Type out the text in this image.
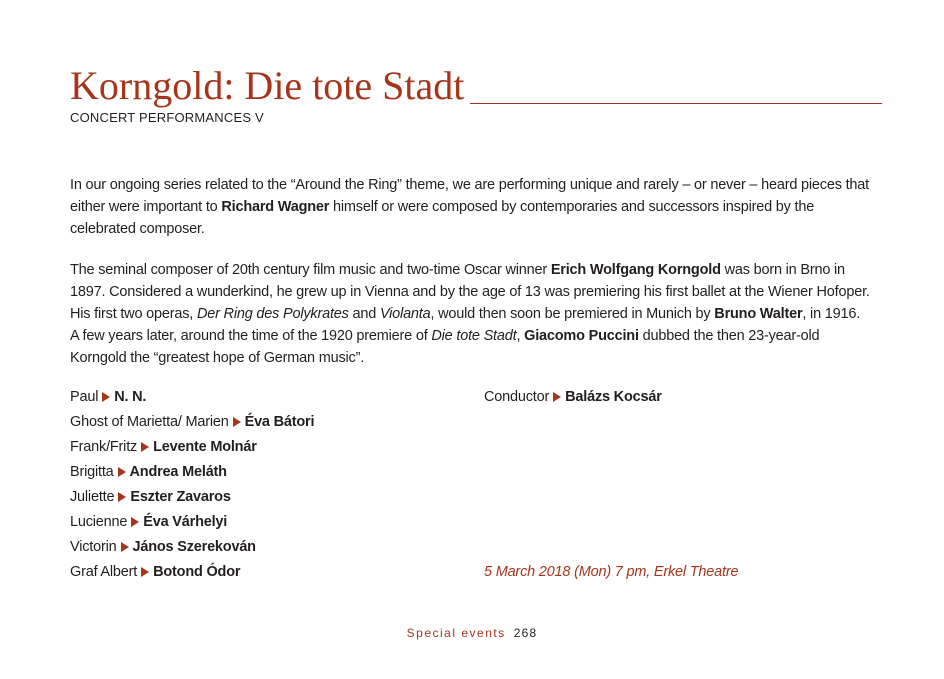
Korngold: Die tote Stadt
CONCERT PERFORMANCES V
In our ongoing series related to the “Around the Ring” theme, we are performing unique and rarely – or never – heard pieces that either were important to Richard Wagner himself or were composed by contemporaries and successors inspired by the celebrated composer.
The seminal composer of 20th century film music and two-time Oscar winner Erich Wolfgang Korngold was born in Brno in 1897. Considered a wunderkind, he grew up in Vienna and by the age of 13 was premiering his first ballet at the Wiener Hofoper. His first two operas, Der Ring des Polykrates and Violanta, would then soon be premiered in Munich by Bruno Walter, in 1916. A few years later, around the time of the 1920 premiere of Die tote Stadt, Giacomo Puccini dubbed the then 23-year-old Korngold the “greatest hope of German music”.
Paul N. N.
Ghost of Marietta/ Marien Éva Bátori
Frank/Fritz Levente Molnár
Brigitta Andrea Meláth
Juliette Eszter Zavaros
Lucienne Éva Várhelyi
Victorin János Szerekován
Graf Albert Botond Ódor
Conductor Balázs Kocsár
5 March 2018 (Mon) 7 pm, Erkel Theatre
Special events 268
